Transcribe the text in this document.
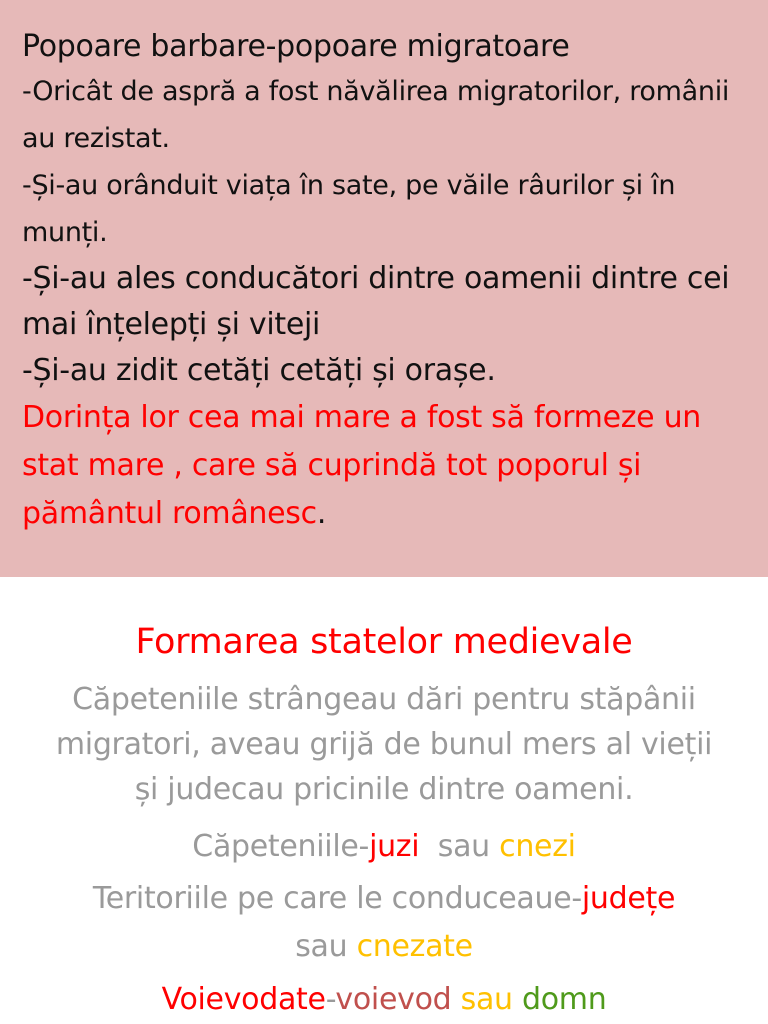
Popoare barbare-popoare migratoare
-Oricât de aspră a fost năvălirea migratorilor, românii au rezistat.
-Și-au orânduit viața în sate, pe văile râurilor și în munți.
-Și-au ales conducători dintre oamenii dintre cei mai înțelepți și viteji
-Și-au zidit cetăți cetăți și orașe.
Dorința lor cea mai mare a fost să formeze un stat mare , care să cuprindă tot poporul și pământul românesc.
Formarea statelor medievale
Căpeteniile strângeau dări pentru stăpânii migratori, aveau grijă de bunul mers al vieții și judecau pricinile dintre oameni.
Căpeteniile-juzi  sau cnezi
Teritoriile pe care le conduceaue-județe
sau cnezate
Voievodate-voievod sau domn
